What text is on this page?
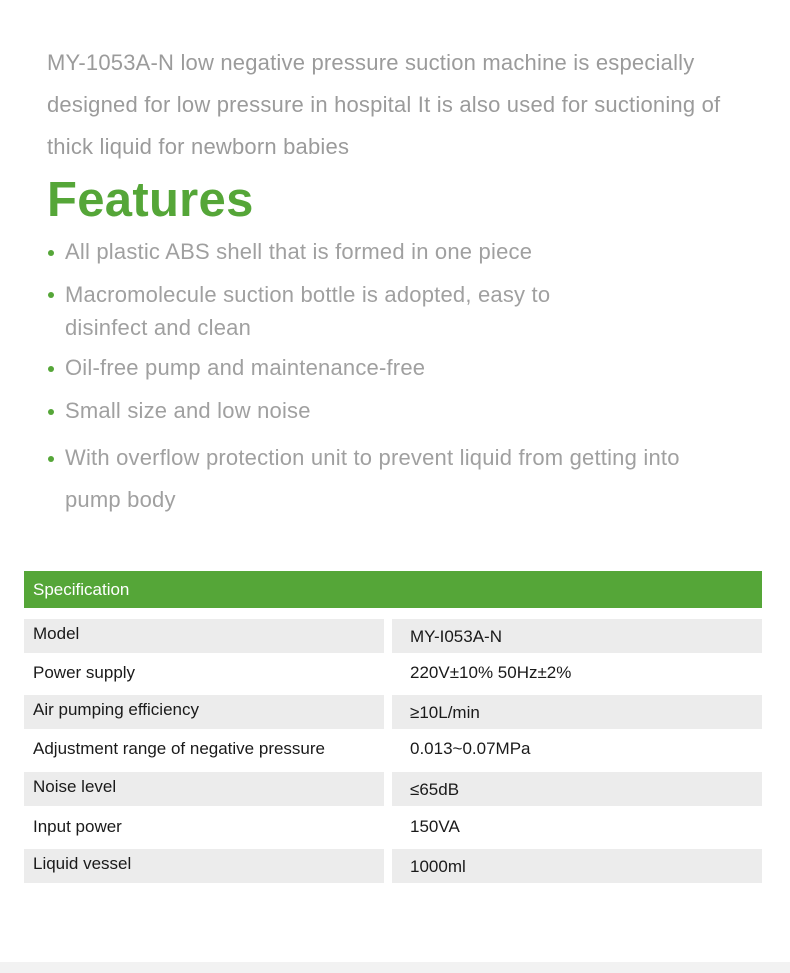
MY-1053A-N low negative pressure suction machine is especially designed for low pressure in hospital It is also used for suctioning of thick liquid for newborn babies

Features
All plastic ABS shell that is formed in one piece
Macromolecule suction bottle is adopted, easy to
disinfect and clean
Oil-free pump and maintenance-free
Small size and low noise
With overflow protection unit to prevent liquid from getting into
pump body
Specification
Model	MY-I053A-N
Power supply	220V±10% 50Hz±2%
Air pumping efficiency	≥10L/min
Adjustment range of negative pressure	0.013~0.07MPa
Noise level	≤65dB
Input power	150VA
Liquid vessel	1000ml
